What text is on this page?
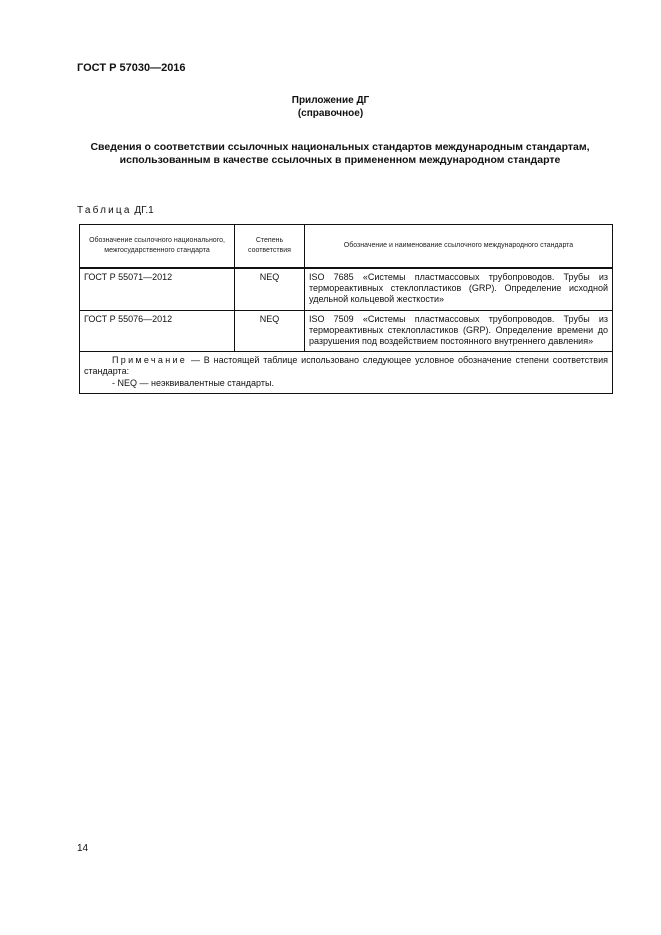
ГОСТ Р 57030—2016
Приложение ДГ
(справочное)
Сведения о соответствии ссылочных национальных стандартов международным стандартам,
использованным в качестве ссылочных в примененном международном стандарте
Таблица ДГ.1
Обозначение ссылочного национального, межгосударственного стандарта	Степень соответствия	Обозначение и наименование ссылочного международного стандарта
ГОСТ Р 55071—2012	NEQ	ISO 7685 «Системы пластмассовых трубопроводов. Трубы из термореактивных стеклопластиков (GRP). Определение исходной удельной кольцевой жесткости»
ГОСТ Р 55076—2012	NEQ	ISO 7509 «Системы пластмассовых трубопроводов. Трубы из термореактивных стеклопластиков (GRP). Определение времени до разрушения под воздействием постоянного внутреннего давления»

Примечание — В настоящей таблице использовано следующее условное обозначение степени соответствия стандарта:
- NEQ — неэквивалентные стандарты.		
14
